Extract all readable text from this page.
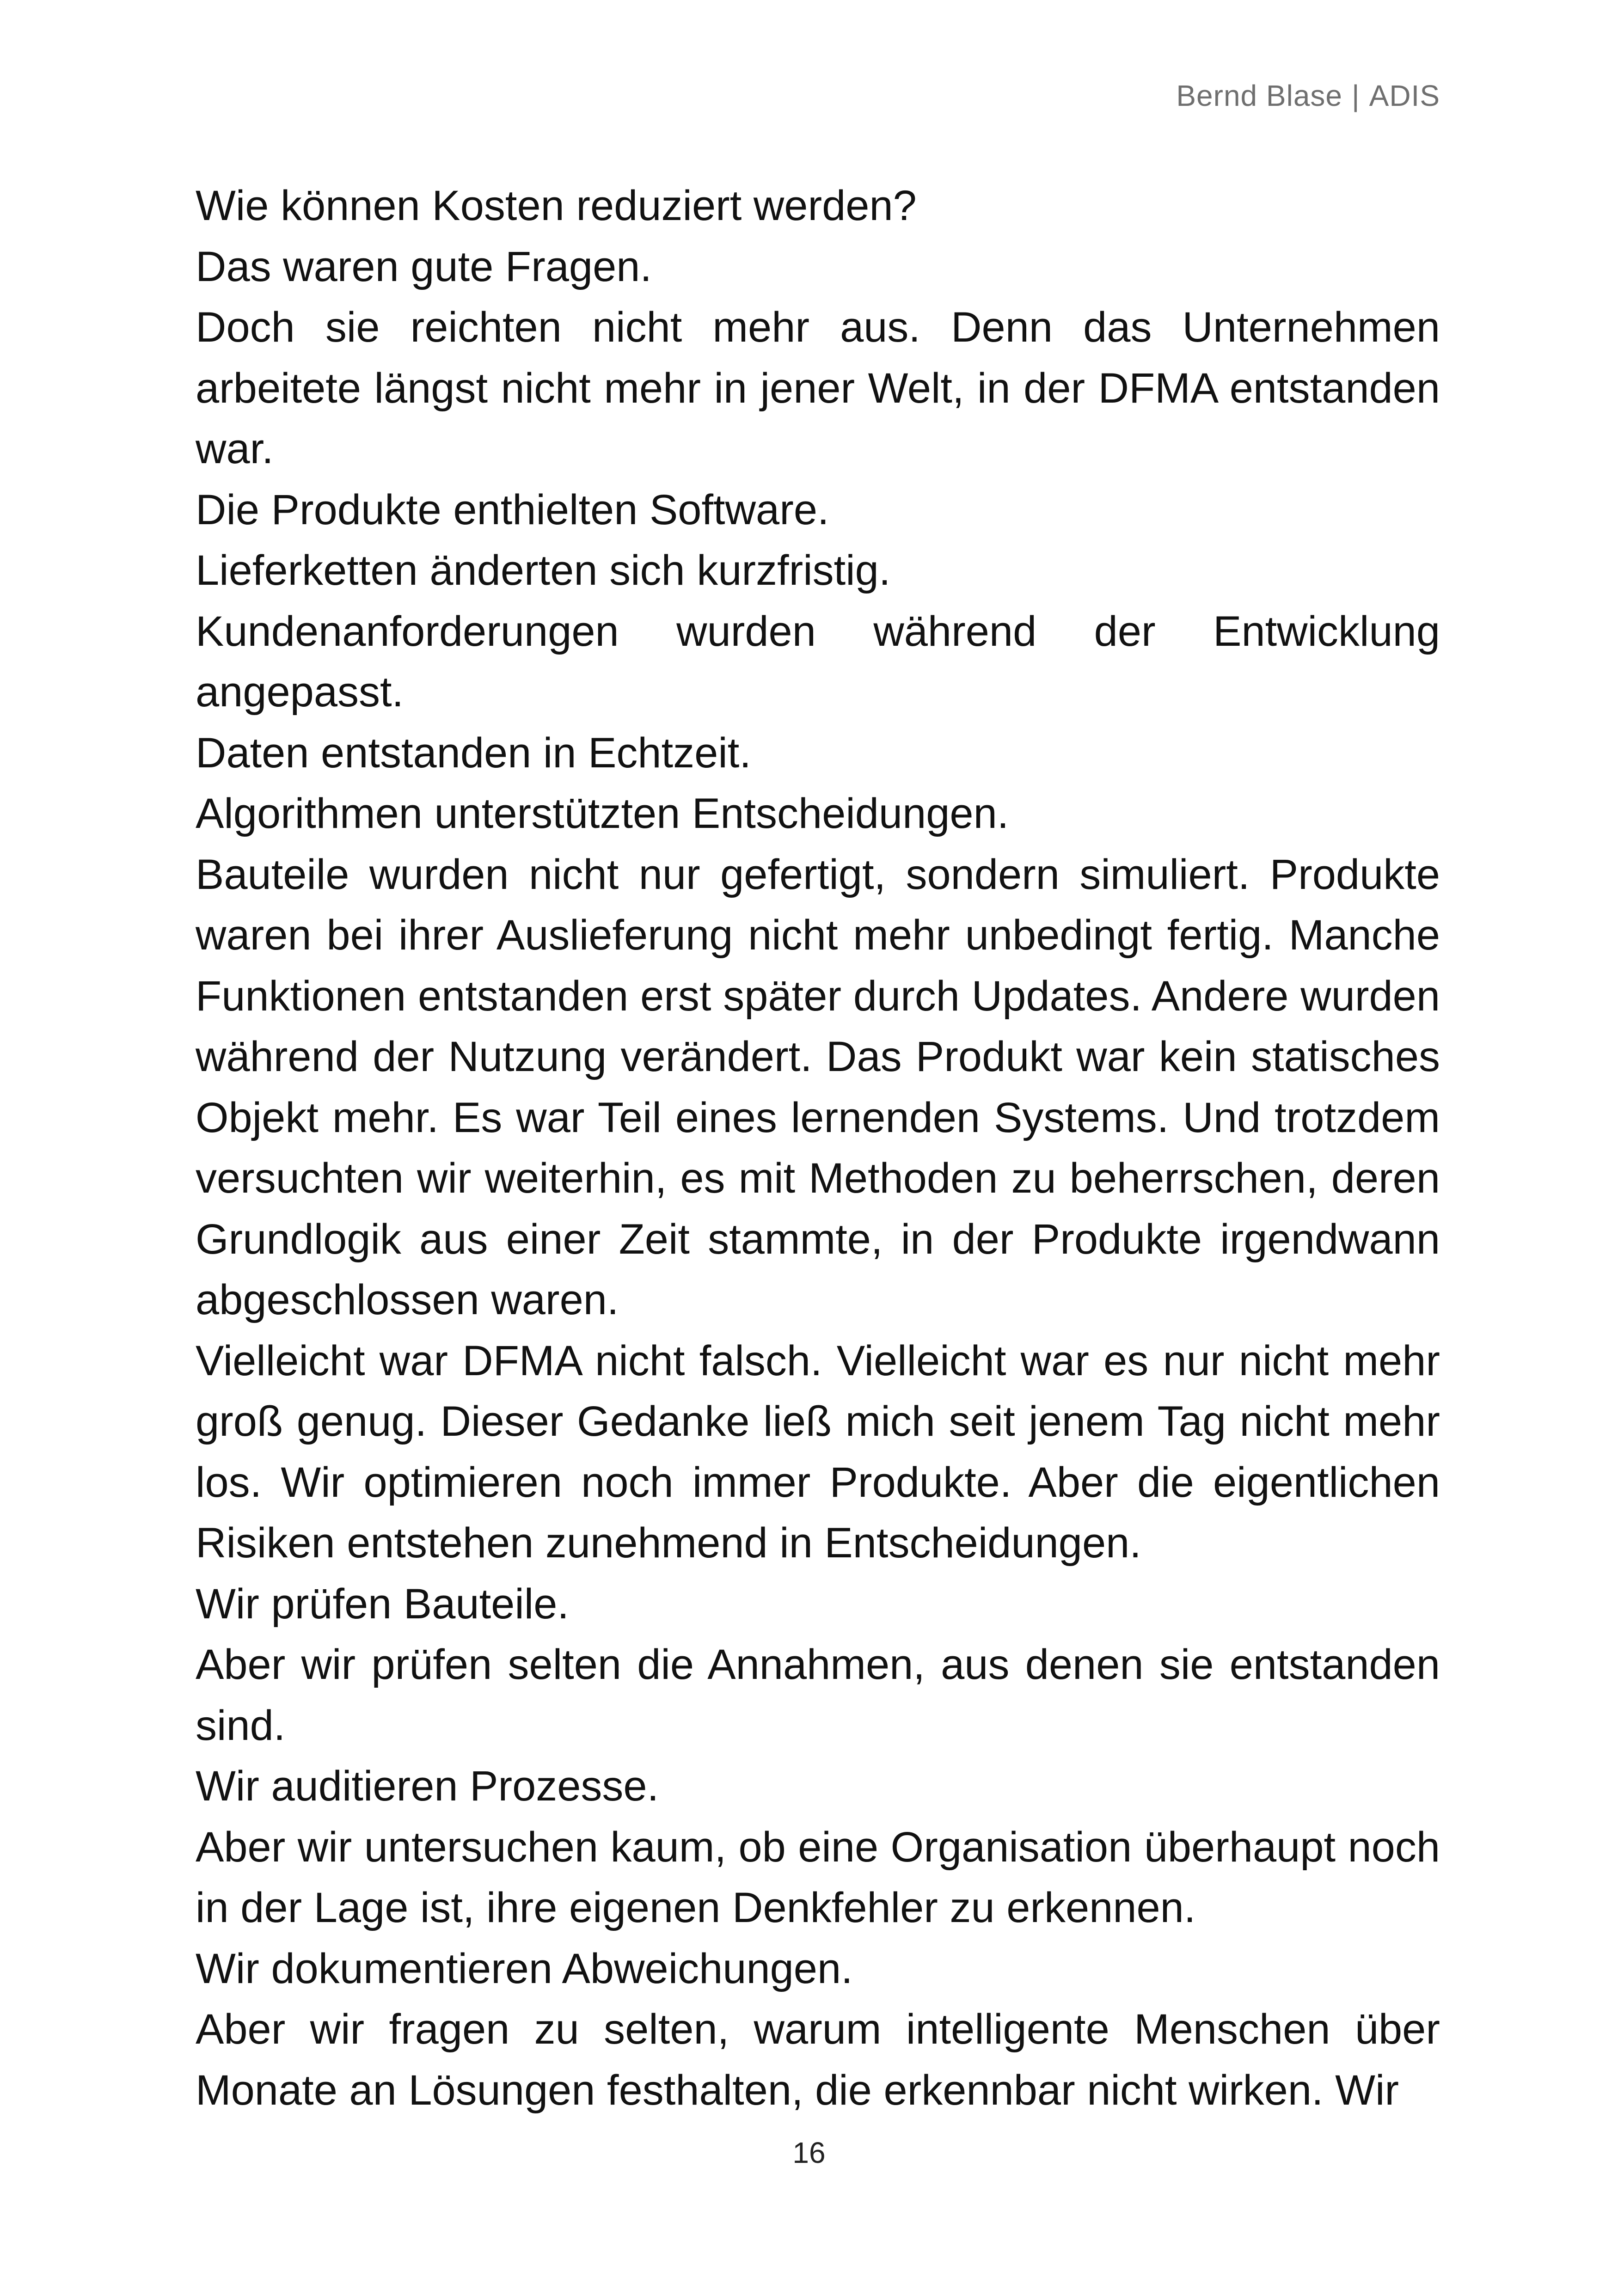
Bernd Blase | ADIS

Wie können Kosten reduziert werden?

Das waren gute Fragen.

Doch sie reichten nicht mehr aus. Denn das Unternehmen arbeitete längst nicht mehr in jener Welt, in der DFMA entstanden war.

Die Produkte enthielten Software.

Lieferketten änderten sich kurzfristig.

Kundenanforderungen wurden während der Entwicklung angepasst.

Daten entstanden in Echtzeit.

Algorithmen unterstützten Entscheidungen.

Bauteile wurden nicht nur gefertigt, sondern simuliert. Produkte waren bei ihrer Auslieferung nicht mehr unbedingt fertig. Manche Funktionen entstanden erst später durch Updates. Andere wurden während der Nutzung verändert. Das Produkt war kein statisches Objekt mehr. Es war Teil eines lernenden Systems. Und trotzdem versuchten wir weiterhin, es mit Methoden zu beherrschen, deren Grundlogik aus einer Zeit stammte, in der Produkte irgendwann abgeschlossen waren.

Vielleicht war DFMA nicht falsch. Vielleicht war es nur nicht mehr groß genug. Dieser Gedanke ließ mich seit jenem Tag nicht mehr los. Wir optimieren noch immer Produkte. Aber die eigentlichen Risiken entstehen zunehmend in Entscheidungen.

Wir prüfen Bauteile.

Aber wir prüfen selten die Annahmen, aus denen sie entstanden sind.

Wir auditieren Prozesse.

Aber wir untersuchen kaum, ob eine Organisation überhaupt noch in der Lage ist, ihre eigenen Denkfehler zu erkennen.

Wir dokumentieren Abweichungen.

Aber wir fragen zu selten, warum intelligente Menschen über Monate an Lösungen festhalten, die erkennbar nicht wirken. Wir

16
